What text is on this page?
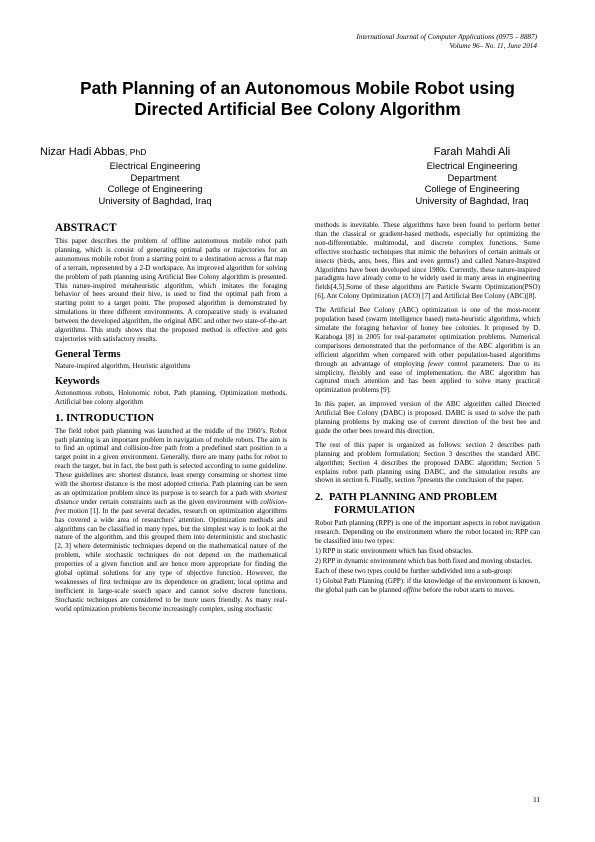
International Journal of Computer Applications (0975 – 8887)
Volume 96– No. 11, June 2014
Path Planning of an Autonomous Mobile Robot using
Directed Artificial Bee Colony Algorithm
Nizar Hadi Abbas, PhD
Electrical Engineering
Department
College of Engineering
University of Baghdad, Iraq
Farah Mahdi Ali
Electrical Engineering
Department
College of Engineering
University of Baghdad, Iraq
ABSTRACT

This paper describes the problem of offline autonomous mobile robot path planning, which is consist of generating optimal paths or trajectories for an autonomous mobile robot from a starting point to a destination across a flat map of a terrain, represented by a 2-D workspace. An improved algorithm for solving the problem of path planning using Artificial Bee Colony algorithm is presented. This nature-inspired metaheuristic algorithm, which imitates the foraging behavior of bees around their hive, is used to find the optimal path from a starting point to a target point. The proposed algorithm is demonstrated by simulations in three different environments. A comparative study is evaluated between the developed algorithm, the original ABC and other two state-of-the-art algorithms. This study shows that the proposed method is effective and gets trajectories with satisfactory results.

General Terms

Nature-inspired algorithm, Heuristic algorithms

Keywords

Autonomous robots, Holonomic robot, Path planning, Optimization methods, Artificial bee colony algorithm

1. INTRODUCTION

The field robot path planning was launched at the middle of the 1960’s. Robot path planning is an important problem in navigation of mobile robots. The aim is to find an optimal and collision-free path from a predefined start position to a target point in a given environment. Generally, there are many paths for robot to reach the target, but in fact, the best path is selected according to some guideline. These guidelines are: shortest distance, least energy consuming or shortest time with the shortest distance is the most adopted criteria. Path planning can be seen as an optimization problem since its purpose is to search for a path with shortest distance under certain constraints such as the given environment with collision-free motion [1]. In the past several decades, research on optimization algorithms has covered a wide area of researchers' attention. Optimization methods and algorithms can be classified in many types, but the simplest way is to look at the nature of the algorithm, and this grouped them into deterministic and stochastic [2, 3] where deterministic techniques depend on the mathematical nature of the problem, while stochastic techniques do not depend on the mathematical properties of a given function and are hence more appropriate for finding the global optimal solutions for any type of objective function. However, the weaknesses of first technique are its dependence on gradient, local optima and inefficient in large-scale search space and cannot solve discrete functions. Stochastic techniques are considered to be more users friendly. As many real-world optimization problems become increasingly complex, using stochastic

methods is inevitable. These algorithms have been found to perform better than the classical or gradient-based methods, especially for optimizing the non-differentiable, multimodal, and discrete complex functions. Some effective stochastic techniques that mimic the behaviors of certain animals or insects (birds, ants, bees, flies and even germs!) and called Nature-Inspired Algorithms have been developed since 1980s. Currently, these nature-inspired paradigms have already come to be widely used in many areas in engineering fields[4,5].Some of these algorithms are Particle Swarm Optimization(PSO)[6], Ant Colony Optimization (ACO) [7] and Artificial Bee Colony (ABC)[8].

The Artificial Bee Colony (ABC) optimization is one of the most-recent population based (swarm intelligence based) meta-heuristic algorithms, which simulate the foraging behavior of honey bee colonies. It proposed by D. Karaboga [8] in 2005 for real-parameter optimization problems. Numerical comparisons demonstrated that the performance of the ABC algorithm is an efficient algorithm when compared with other population-based algorithms through an advantage of employing fewer control parameters. Due to its simplicity, flexibly and ease of implementation, the ABC algorithm has captured much attention and has been applied to solve many practical optimization problems [9].

In this paper, an improved version of the ABC algorithm called Directed Artificial Bee Colony (DABC) is proposed. DABC is used to solve the path planning problems by making use of current direction of the best bee and guide the other bees toward this direction.

The rest of this paper is organized as follows: section 2 describes path planning and problem formulation; Section 3 describes the standard ABC algorithm; Section 4 describes the proposed DABC algorithm; Section 5 explains robot path planning using DABC, and the simulation results are shown in section 6. Finally, section 7presents the conclusion of the paper.

2. PATH PLANNING AND PROBLEM
FORMULATION

Robot Path planning (RPP) is one of the important aspects in robot navigation research. Depending on the environment where the robot located in; RPP can be classified into two types:

1) RPP in static environment which has fixed obstacles.

2) RPP in dynamic environment which has both fixed and moving obstacles.

Each of these two types could be further subdivided into a sub-group:

1) Global Path Planning (GPP): if the knowledge of the environment is known, the global path can be planned offline before the robot starts to moves.

11
